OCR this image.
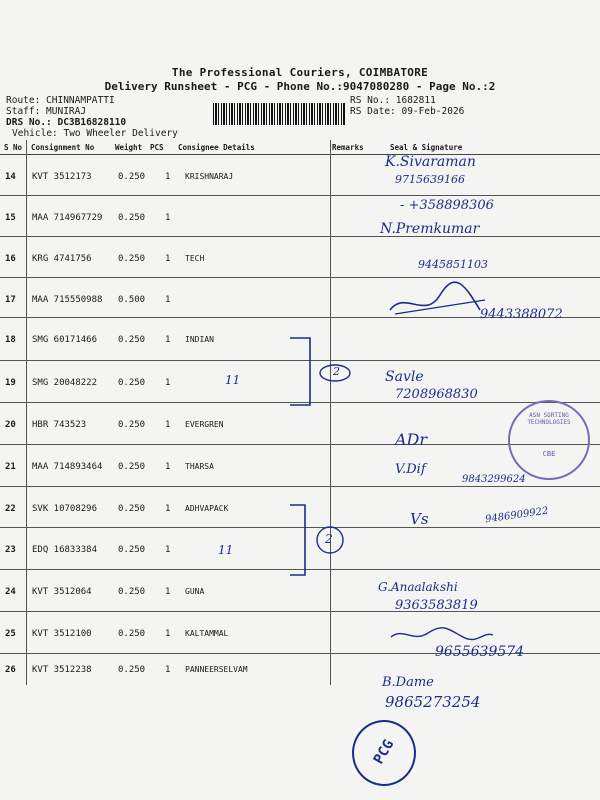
The Professional Couriers, COIMBATORE
Delivery Runsheet - PCG - Phone No.:9047080280 - Page No.:2
Route: CHINNAMPATTI
Staff: MUNIRAJ
DRS No.: DC3B16828110
Vehicle: Two Wheeler Delivery
RS No.: 1682811
RS Date: 09-Feb-2026
S No Consignment No	Weight PCS Consignee Details	Remarks	Seal & Signature
14 KVT 3512173	0.250 1 KRISHNARAJ
15 MAA 714967729 0.250 1
16 KRG 4741756	0.250 1 TECH
17 MAA 715550988 0.500 1
18 SMG 60171466 0.250 1 INDIAN
19 SMG 20048222 0.250 1
20 HBR 743523	0.250 1 EVERGREN
21 MAA 714893464 0.250 1 THARSA
22 SVK 10708296 0.250 1 ADHVAPACK
23 EDQ 16833384 0.250 1
24 KVT 3512064	0.250 1 GUNA
25 KVT 3512100	0.250 1 KALTAMMAL
26 KVT 3512238	0.250 1 PANNEERSELVAM
K.Sivaraman
9715639166
- +358898306
N.Premkumar
9445851103
9443388072
2
11
2
11
Savle
7208968830
ASN SORTING TECHNOLOGIES
CBE
ADr
V.Dif
9843299624
Vs	9486909922
G.Anaalakshi
9363583819
9655639574
B.Dame
9865273254
PCG
